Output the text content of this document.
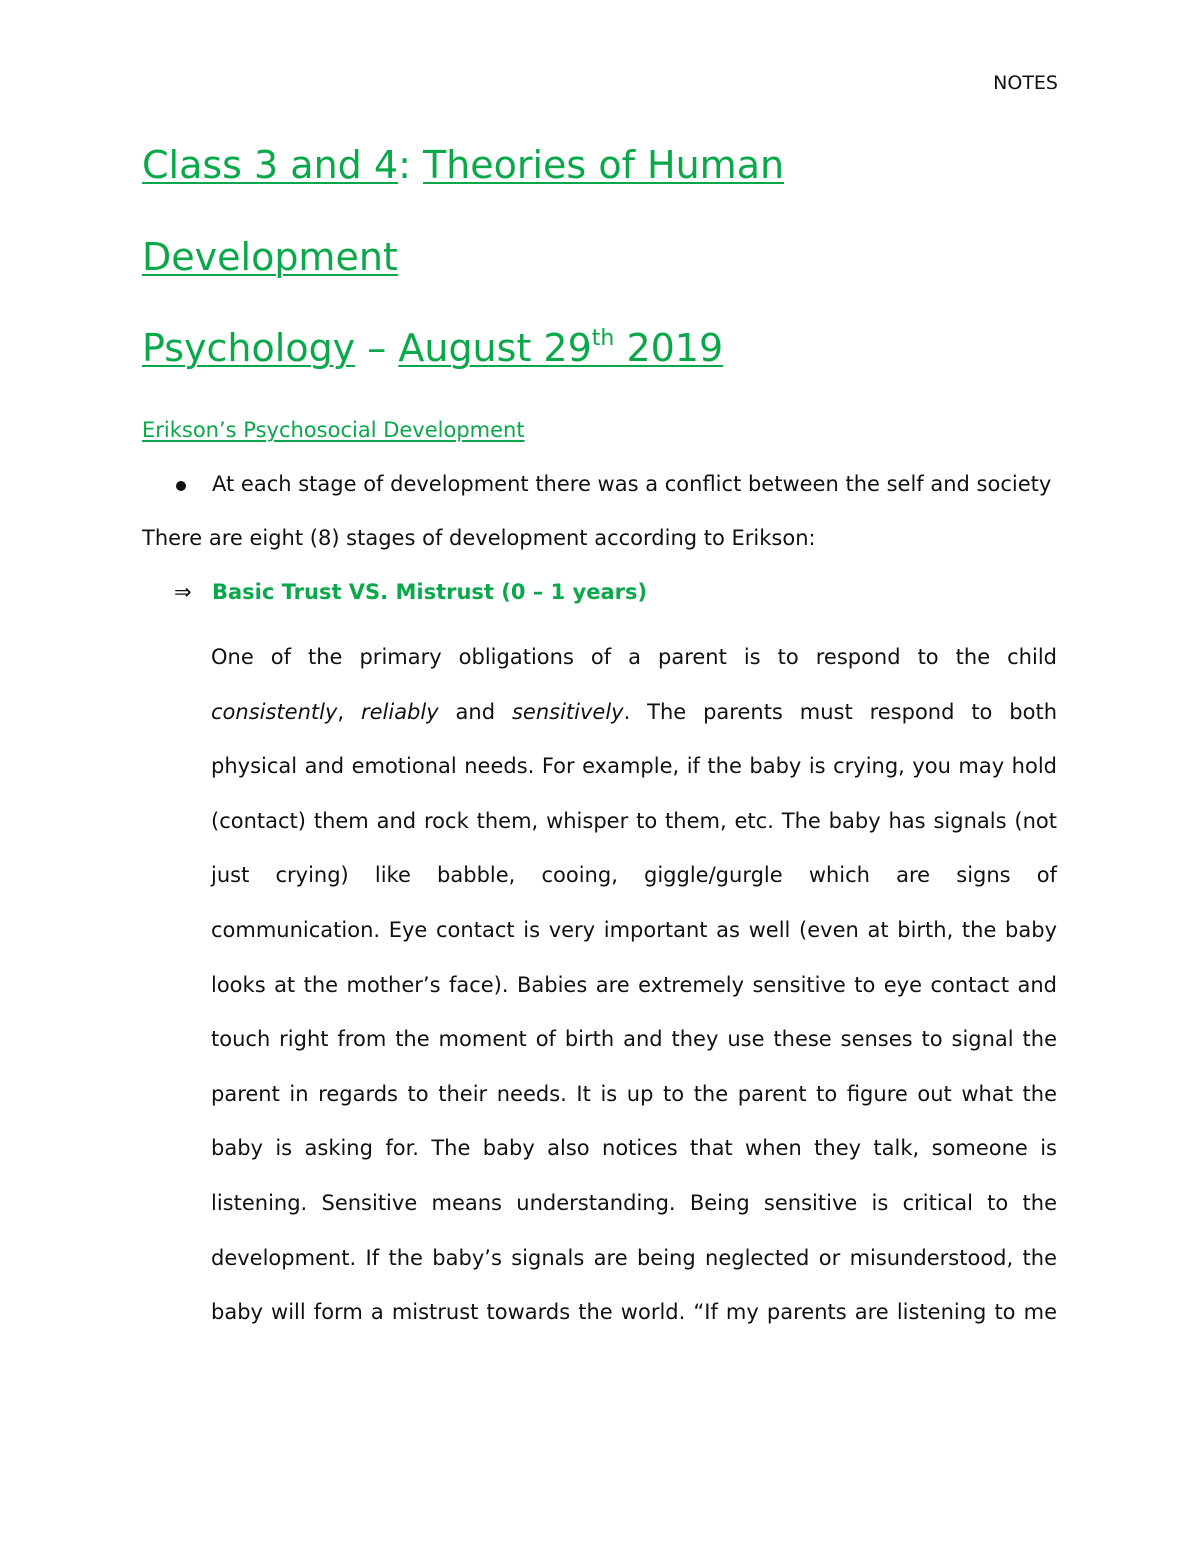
NOTES
Class 3 and 4: Theories of Human
Development
Psychology – August 29th 2019
Erikson’s Psychosocial Development
At each stage of development there was a conflict between the self and society
There are eight (8) stages of development according to Erikson:
⇒ Basic Trust VS. Mistrust (0 – 1 years)
One of the primary obligations of a parent is to respond to the child
consistently, reliably and sensitively. The parents must respond to both
physical and emotional needs. For example, if the baby is crying, you may hold
(contact) them and rock them, whisper to them, etc. The baby has signals (not
just crying) like babble, cooing, giggle/gurgle which are signs of
communication. Eye contact is very important as well (even at birth, the baby
looks at the mother’s face). Babies are extremely sensitive to eye contact and
touch right from the moment of birth and they use these senses to signal the
parent in regards to their needs. It is up to the parent to figure out what the
baby is asking for. The baby also notices that when they talk, someone is
listening. Sensitive means understanding. Being sensitive is critical to the
development. If the baby’s signals are being neglected or misunderstood, the
baby will form a mistrust towards the world. “If my parents are listening to me
